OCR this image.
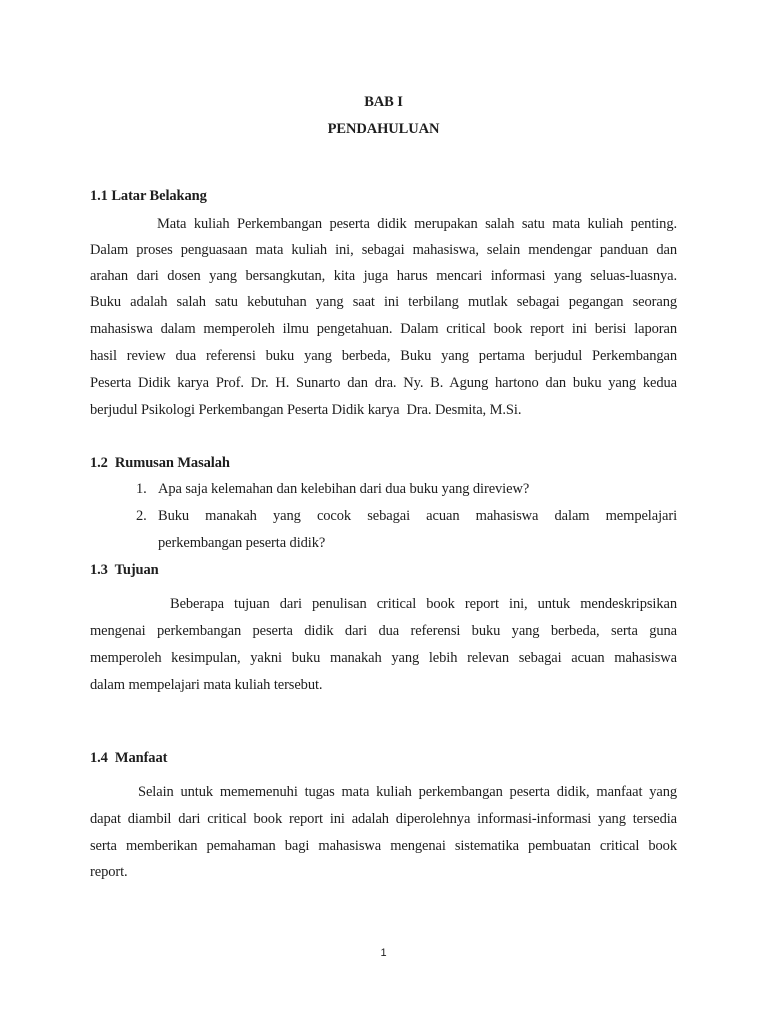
BAB I
PENDAHULUAN
1.1 Latar Belakang
Mata kuliah Perkembangan peserta didik merupakan salah satu mata kuliah penting.
Dalam proses penguasaan mata kuliah ini, sebagai mahasiswa, selain mendengar panduan dan
arahan dari dosen yang bersangkutan, kita juga harus mencari informasi yang seluas-luasnya.
Buku adalah salah satu kebutuhan yang saat ini terbilang mutlak sebagai pegangan seorang
mahasiswa dalam memperoleh ilmu pengetahuan. Dalam critical book report ini berisi laporan
hasil review dua referensi buku yang berbeda, Buku yang pertama berjudul Perkembangan
Peserta Didik karya Prof. Dr. H. Sunarto dan dra. Ny. B. Agung hartono dan buku yang kedua
berjudul Psikologi Perkembangan Peserta Didik karya  Dra. Desmita, M.Si.
1.2  Rumusan Masalah
1. Apa saja kelemahan dan kelebihan dari dua buku yang direview?
2. Buku manakah yang cocok sebagai acuan mahasiswa dalam mempelajari
perkembangan peserta didik?
1.3  Tujuan
Beberapa tujuan dari penulisan critical book report ini, untuk mendeskripsikan
mengenai perkembangan peserta didik dari dua referensi buku yang berbeda, serta guna
memperoleh kesimpulan, yakni buku manakah yang lebih relevan sebagai acuan mahasiswa
dalam mempelajari mata kuliah tersebut.
1.4  Manfaat
Selain untuk mememenuhi tugas mata kuliah perkembangan peserta didik, manfaat yang
dapat diambil dari critical book report ini adalah diperolehnya informasi-informasi yang tersedia
serta memberikan pemahaman bagi mahasiswa mengenai sistematika pembuatan critical book
report.
1
